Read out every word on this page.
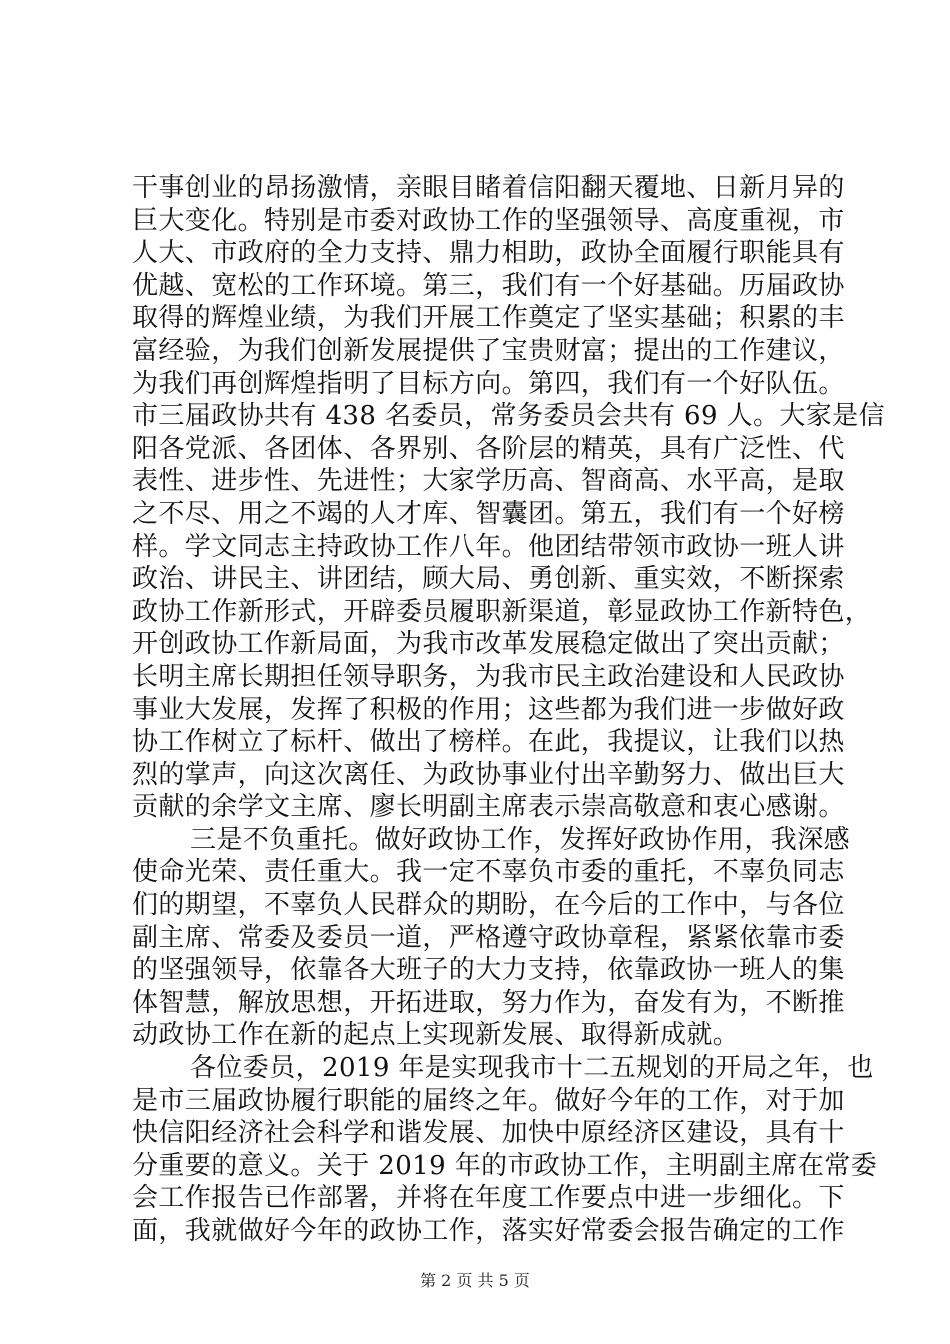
干事创业的昂扬激情，亲眼目睹着信阳翻天覆地、日新月异的
巨大变化。特别是市委对政协工作的坚强领导、高度重视，市
人大、市政府的全力支持、鼎力相助，政协全面履行职能具有
优越、宽松的工作环境。第三，我们有一个好基础。历届政协
取得的辉煌业绩，为我们开展工作奠定了坚实基础；积累的丰
富经验，为我们创新发展提供了宝贵财富；提出的工作建议，
为我们再创辉煌指明了目标方向。第四，我们有一个好队伍。
市三届政协共有 438 名委员，常务委员会共有 69 人。大家是信
阳各党派、各团体、各界别、各阶层的精英，具有广泛性、代
表性、进步性、先进性；大家学历高、智商高、水平高，是取
之不尽、用之不竭的人才库、智囊团。第五，我们有一个好榜
样。学文同志主持政协工作八年。他团结带领市政协一班人讲
政治、讲民主、讲团结，顾大局、勇创新、重实效，不断探索
政协工作新形式，开辟委员履职新渠道，彰显政协工作新特色，
开创政协工作新局面，为我市改革发展稳定做出了突出贡献；
长明主席长期担任领导职务，为我市民主政治建设和人民政协
事业大发展，发挥了积极的作用；这些都为我们进一步做好政
协工作树立了标杆、做出了榜样。在此，我提议，让我们以热
烈的掌声，向这次离任、为政协事业付出辛勤努力、做出巨大
贡献的余学文主席、廖长明副主席表示崇高敬意和衷心感谢。
三是不负重托。做好政协工作，发挥好政协作用，我深感
使命光荣、责任重大。我一定不辜负市委的重托，不辜负同志
们的期望，不辜负人民群众的期盼，在今后的工作中，与各位
副主席、常委及委员一道，严格遵守政协章程，紧紧依靠市委
的坚强领导，依靠各大班子的大力支持，依靠政协一班人的集
体智慧，解放思想，开拓进取，努力作为，奋发有为，不断推
动政协工作在新的起点上实现新发展、取得新成就。
各位委员，2019 年是实现我市十二五规划的开局之年，也
是市三届政协履行职能的届终之年。做好今年的工作，对于加
快信阳经济社会科学和谐发展、加快中原经济区建设，具有十
分重要的意义。关于 2019 年的市政协工作，主明副主席在常委
会工作报告已作部署，并将在年度工作要点中进一步细化。下
面，我就做好今年的政协工作，落实好常委会报告确定的工作
第 2 页 共 5 页
